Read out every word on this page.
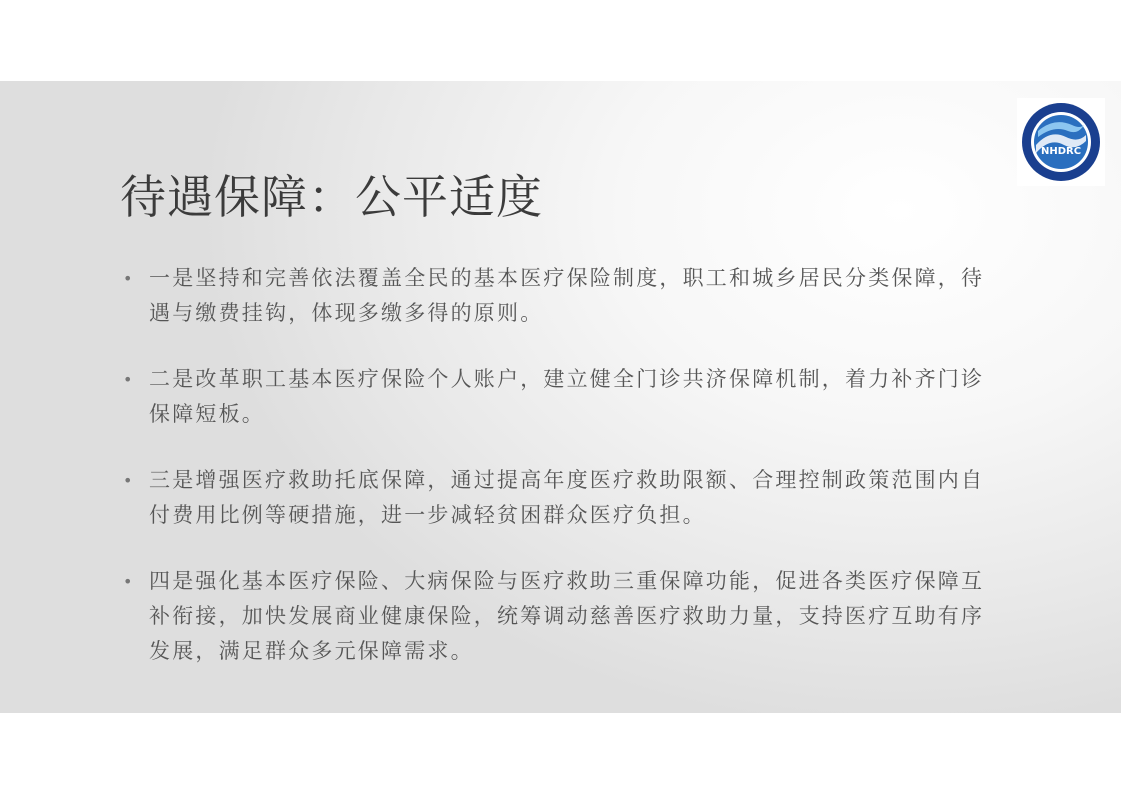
NHDRC
待遇保障：公平适度
• 一是坚持和完善依法覆盖全民的基本医疗保险制度，职工和城乡居民分类保障，待遇与缴费挂钩，体现多缴多得的原则。
• 二是改革职工基本医疗保险个人账户，建立健全门诊共济保障机制，着力补齐门诊保障短板。
• 三是增强医疗救助托底保障，通过提高年度医疗救助限额、合理控制政策范围内自付费用比例等硬措施，进一步减轻贫困群众医疗负担。
• 四是强化基本医疗保险、大病保险与医疗救助三重保障功能，促进各类医疗保障互补衔接，加快发展商业健康保险，统筹调动慈善医疗救助力量，支持医疗互助有序发展，满足群众多元保障需求。
